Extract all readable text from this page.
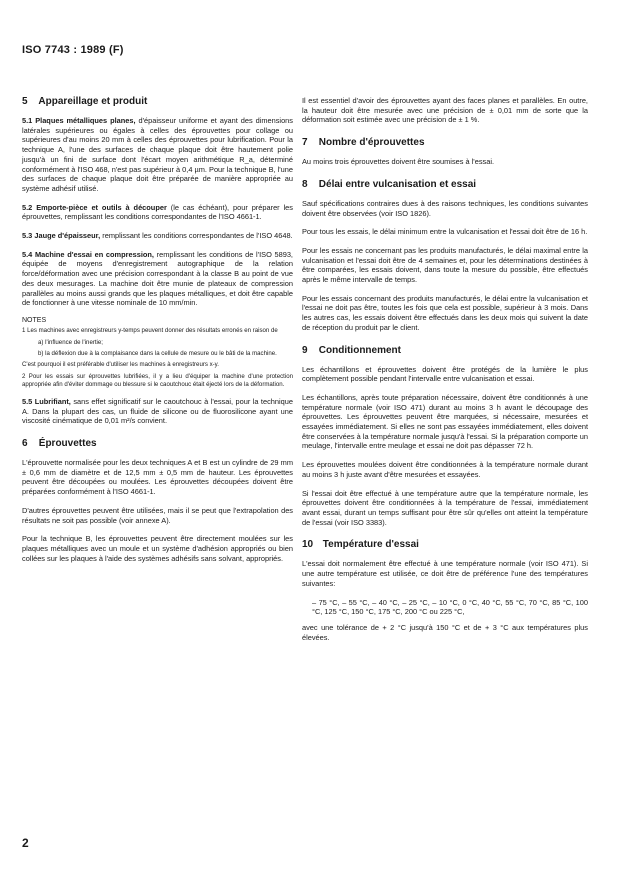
ISO 7743 : 1989 (F)
5 Appareillage et produit

5.1 Plaques métalliques planes, d'épaisseur uniforme et ayant des dimensions latérales supérieures ou égales à celles des éprouvettes pour collage ou supérieures d'au moins 20 mm à celles des éprouvettes pour lubrification. Pour la technique A, l'une des surfaces de chaque plaque doit être hautement polie jusqu'à un fini de surface dont l'écart moyen arithmétique R_a, déterminé conformément à l'ISO 468, n'est pas supérieur à 0,4 µm. Pour la technique B, l'une des surfaces de chaque plaque doit être préparée de manière appropriée au système adhésif utilisé.

5.2 Emporte-pièce et outils à découper (le cas échéant), pour préparer les éprouvettes, remplissant les conditions correspondantes de l'ISO 4661-1.

5.3 Jauge d'épaisseur, remplissant les conditions correspondantes de l'ISO 4648.

5.4 Machine d'essai en compression, remplissant les conditions de l'ISO 5893, équipée de moyens d'enregistrement autographique de la relation force/déformation avec une précision correspondant à la classe B au point de vue des deux mesurages. La machine doit être munie de plateaux de compression parallèles au moins aussi grands que les plaques métalliques, et doit être capable de fonctionner à une vitesse nominale de 10 mm/min.

NOTES

1 Les machines avec enregistreurs y-temps peuvent donner des résultats erronés en raison de

a) l'influence de l'inertie;

b) la déflexion due à la complaisance dans la cellule de mesure ou le bâti de la machine.

C'est pourquoi il est préférable d'utiliser les machines à enregistreurs x-y.

2 Pour les essais sur éprouvettes lubrifiées, il y a lieu d'équiper la machine d'une protection appropriée afin d'éviter dommage ou blessure si le caoutchouc était éjecté lors de la déformation.

5.5 Lubrifiant, sans effet significatif sur le caoutchouc à l'essai, pour la technique A. Dans la plupart des cas, un fluide de silicone ou de fluorosilicone ayant une viscosité cinématique de 0,01 m²/s convient.

6 Éprouvettes

L'éprouvette normalisée pour les deux techniques A et B est un cylindre de 29 mm ± 0,6 mm de diamètre et de 12,5 mm ± 0,5 mm de hauteur. Les éprouvettes peuvent être découpées ou moulées. Les éprouvettes découpées doivent être préparées conformément à l'ISO 4661-1.

D'autres éprouvettes peuvent être utilisées, mais il se peut que l'extrapolation des résultats ne soit pas possible (voir annexe A).

Pour la technique B, les éprouvettes peuvent être directement moulées sur les plaques métalliques avec un moule et un système d'adhésion appropriés ou bien collées sur les plaques à l'aide des systèmes adhésifs sans solvant, appropriés.

Il est essentiel d'avoir des éprouvettes ayant des faces planes et parallèles. En outre, la hauteur doit être mesurée avec une précision de ± 0,01 mm de sorte que la déformation soit estimée avec une précision de ± 1 %.

7 Nombre d'éprouvettes

Au moins trois éprouvettes doivent être soumises à l'essai.

8 Délai entre vulcanisation et essai

Sauf spécifications contraires dues à des raisons techniques, les conditions suivantes doivent être observées (voir ISO 1826).

Pour tous les essais, le délai minimum entre la vulcanisation et l'essai doit être de 16 h.

Pour les essais ne concernant pas les produits manufacturés, le délai maximal entre la vulcanisation et l'essai doit être de 4 semaines et, pour les déterminations destinées à être comparées, les essais doivent, dans toute la mesure du possible, être effectués après le même intervalle de temps.

Pour les essais concernant des produits manufacturés, le délai entre la vulcanisation et l'essai ne doit pas être, toutes les fois que cela est possible, supérieur à 3 mois. Dans les autres cas, les essais doivent être effectués dans les deux mois qui suivent la date de réception du produit par le client.

9 Conditionnement

Les échantillons et éprouvettes doivent être protégés de la lumière le plus complètement possible pendant l'intervalle entre vulcanisation et essai.

Les échantillons, après toute préparation nécessaire, doivent être conditionnés à une température normale (voir ISO 471) durant au moins 3 h avant le découpage des éprouvettes. Les éprouvettes peuvent être marquées, si nécessaire, mesurées et essayées immédiatement. Si elles ne sont pas essayées immédiatement, elles doivent être conservées à la température normale jusqu'à l'essai. Si la préparation comporte un meulage, l'intervalle entre meulage et essai ne doit pas dépasser 72 h.

Les éprouvettes moulées doivent être conditionnées à la température normale durant au moins 3 h juste avant d'être mesurées et essayées.

Si l'essai doit être effectué à une température autre que la température normale, les éprouvettes doivent être conditionnées à la température de l'essai, immédiatement avant essai, durant un temps suffisant pour être sûr qu'elles ont atteint la température de l'essai (voir ISO 3383).

10 Température d'essai

L'essai doit normalement être effectué à une température normale (voir ISO 471). Si une autre température est utilisée, ce doit être de préférence l'une des températures suivantes:

– 75 °C, – 55 °C, – 40 °C, – 25 °C, – 10 °C, 0 °C, 40 °C, 55 °C, 70 °C, 85 °C, 100 °C, 125 °C, 150 °C, 175 °C, 200 °C ou 225 °C,

avec une tolérance de + 2 °C jusqu'à 150 °C et de + 3 °C aux températures plus élevées.

2
